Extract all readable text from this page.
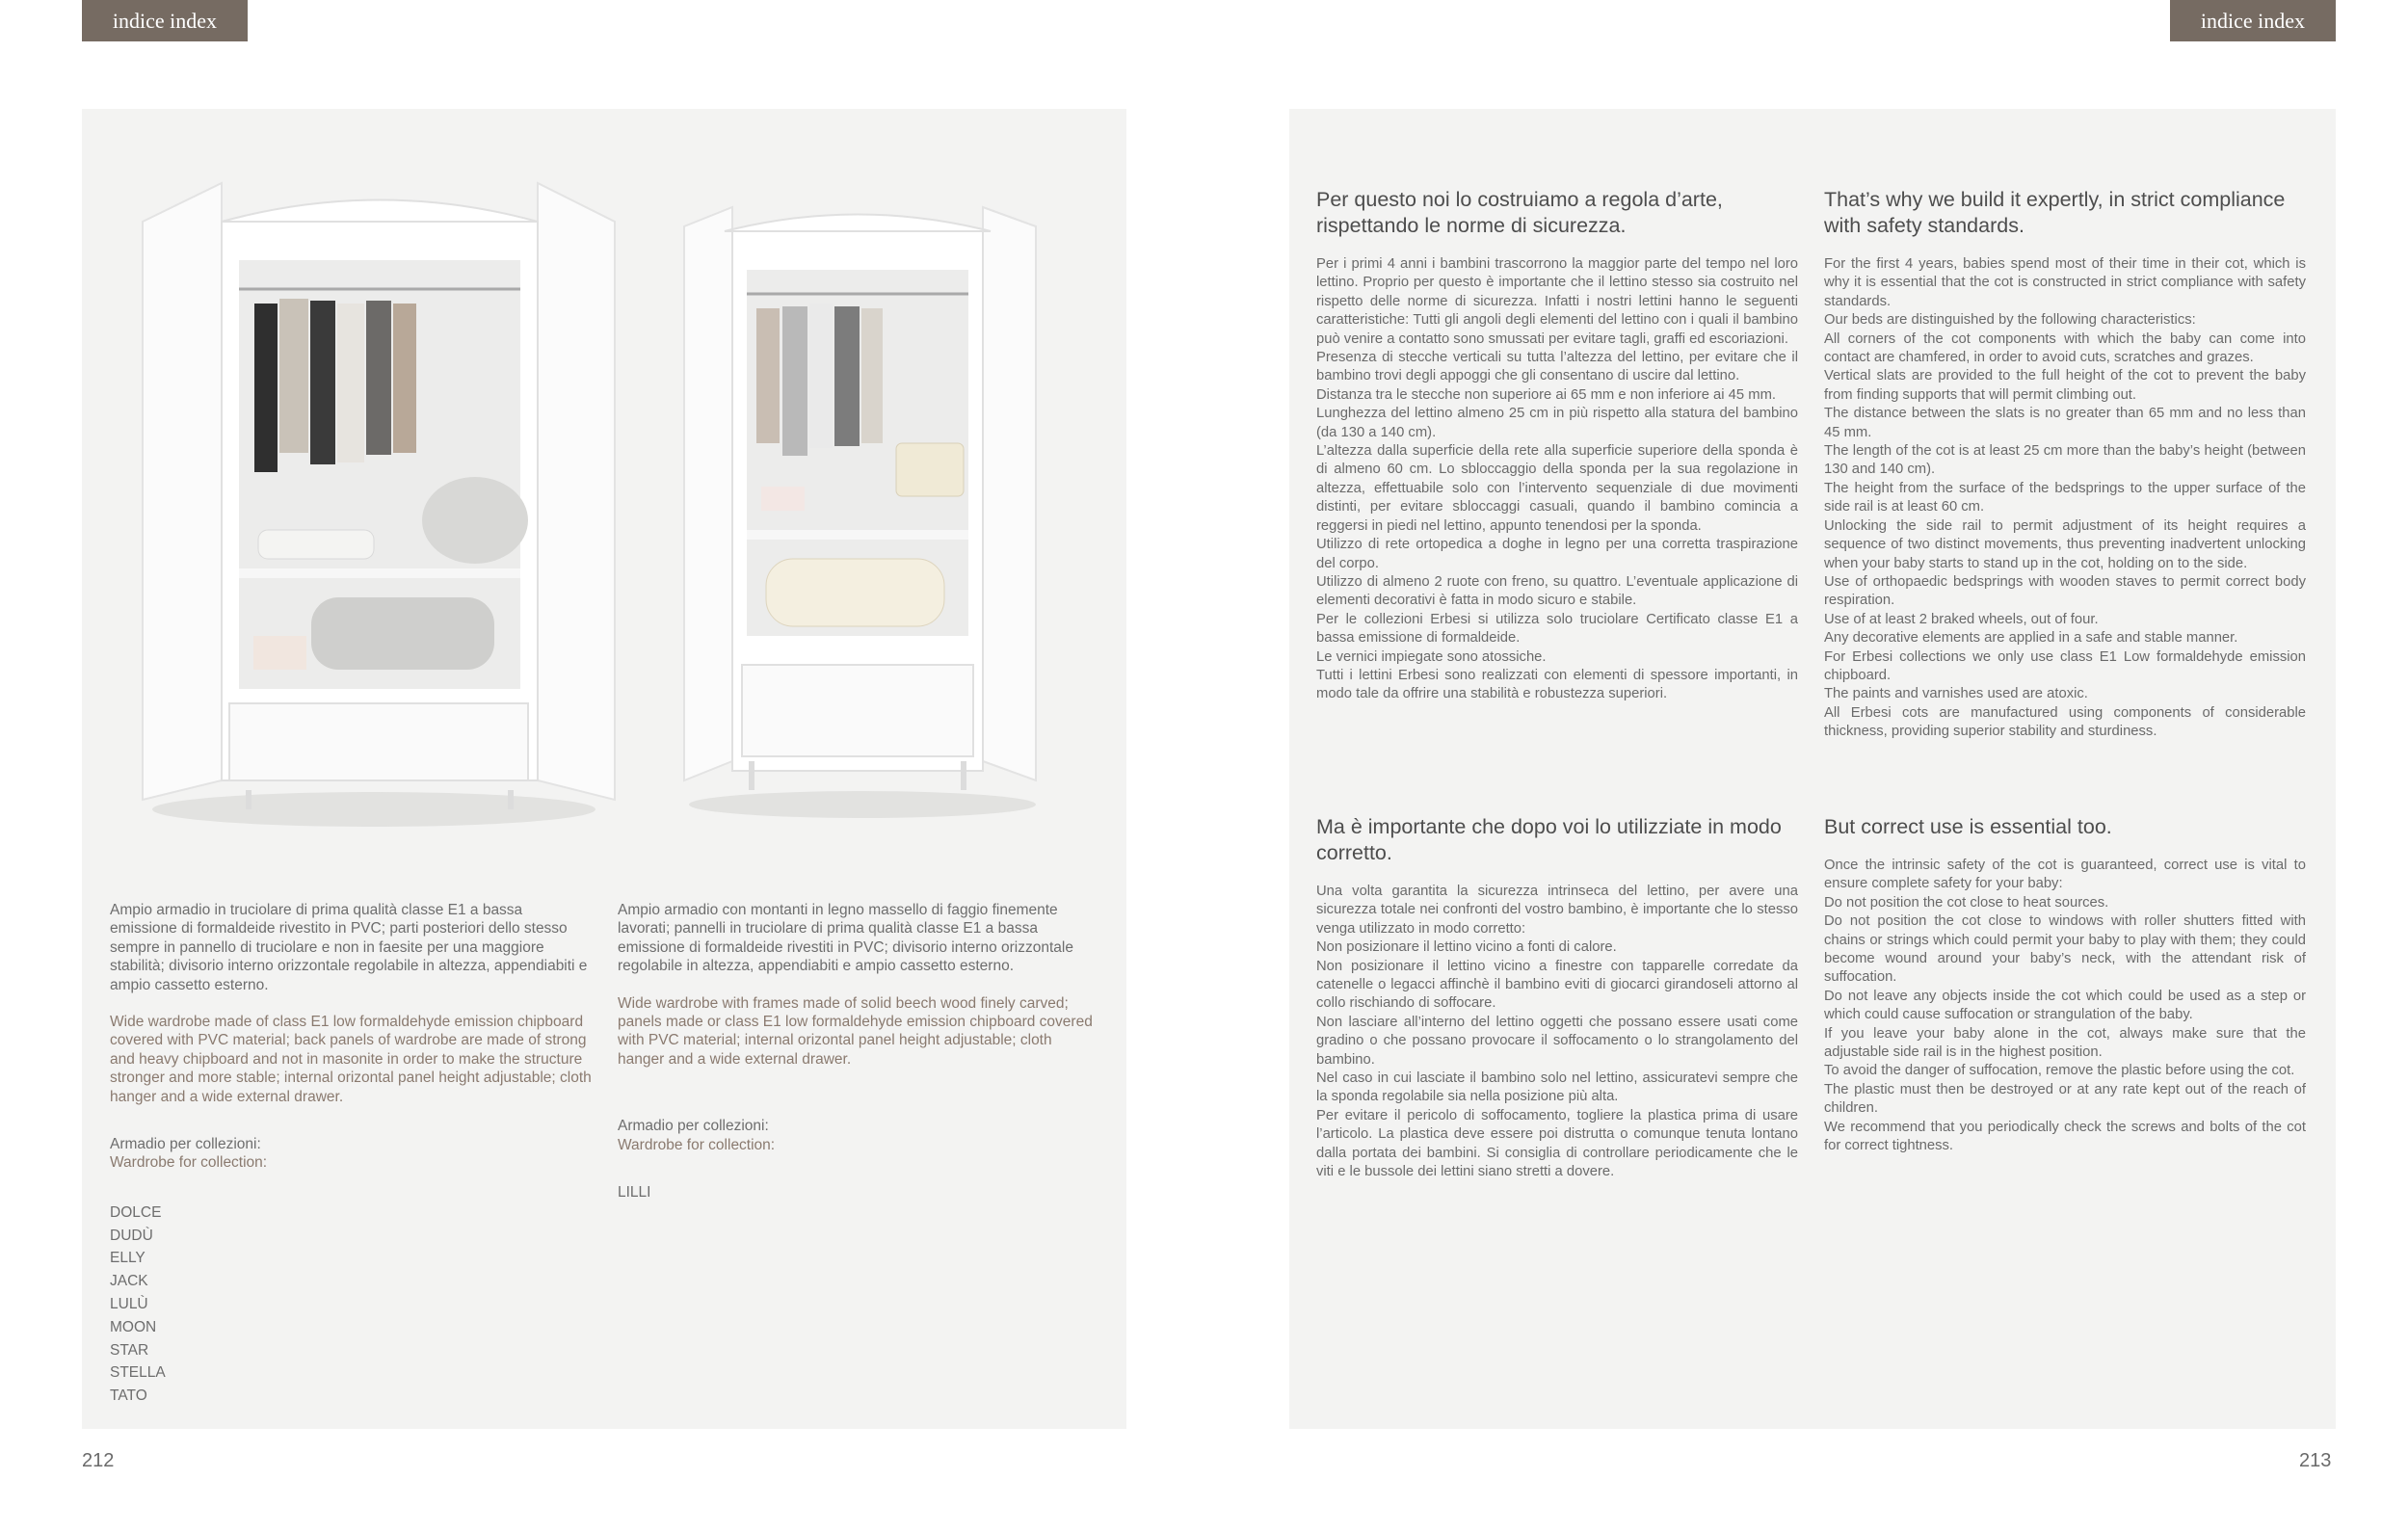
indice index	indice index
Ampio armadio in truciolare di prima qualità classe E1 a bassa emissione di formaldeide rivestito in PVC; parti posteriori dello stesso sempre in pannello di truciolare e non in faesite per una maggiore stabilità; divisorio interno orizzontale regolabile in altezza, appendiabiti e ampio cassetto esterno.
Wide wardrobe made of class E1 low formaldehyde emission chipboard covered with PVC material; back panels of wardrobe are made of strong and heavy chipboard and not in masonite in order to make the structure stronger and more stable; internal orizontal panel height adjustable; cloth hanger and a wide external drawer.
Armadio per collezioni:
Wardrobe for collection:
DOLCE
DUDÙ
ELLY
JACK
LULÙ
MOON
STAR
STELLA
TATO
Ampio armadio con montanti in legno massello di faggio finemente lavorati; pannelli in truciolare di prima qualità classe E1 a bassa emissione di formaldeide rivestiti in PVC; divisorio interno orizzontale regolabile in altezza, appendiabiti e ampio cassetto esterno.
Wide wardrobe with frames made of solid beech wood finely carved; panels made or class E1 low formaldehyde emission chipboard covered with PVC material; internal orizontal panel height adjustable; cloth hanger and a wide external drawer.
Armadio per collezioni:
Wardrobe for collection:
LILLI
Per questo noi lo costruiamo a regola d’arte, rispettando le norme di sicurezza.

Per i primi 4 anni i bambini trascorrono la maggior parte del tempo nel loro lettino. Proprio per questo è importante che il lettino stesso sia costruito nel rispetto delle norme di sicurezza. Infatti i nostri lettini hanno le seguenti caratteristiche: Tutti gli angoli degli elementi del lettino con i quali il bambino può venire a contatto sono smussati per evitare tagli, graffi ed escoriazioni.
Presenza di stecche verticali su tutta l’altezza del lettino, per evitare che il bambino trovi degli appoggi che gli consentano di uscire dal lettino.
Distanza tra le stecche non superiore ai 65 mm e non inferiore ai 45 mm.
Lunghezza del lettino almeno 25 cm in più rispetto alla statura del bambino (da 130 a 140 cm).
L’altezza dalla superficie della rete alla superficie superiore della sponda è di almeno 60 cm. Lo sbloccaggio della sponda per la sua regolazione in altezza, effettuabile solo con l’intervento sequenziale di due movimenti distinti, per evitare sbloccaggi casuali, quando il bambino comincia a reggersi in piedi nel lettino, appunto tenendosi per la sponda.
Utilizzo di rete ortopedica a doghe in legno per una corretta traspirazione del corpo.
Utilizzo di almeno 2 ruote con freno, su quattro. L’eventuale applicazione di elementi decorativi è fatta in modo sicuro e stabile.
Per le collezioni Erbesi si utilizza solo truciolare Certificato classe E1 a bassa emissione di formaldeide.
Le vernici impiegate sono atossiche.
Tutti i lettini Erbesi sono realizzati con elementi di spessore importanti, in modo tale da offrire una stabilità e robustezza superiori.

That’s why we build it expertly, in strict compliance with safety standards.

For the first 4 years, babies spend most of their time in their cot, which is why it is essential that the cot is constructed in strict compliance with safety standards.
Our beds are distinguished by the following characteristics:
All corners of the cot components with which the baby can come into contact are chamfered, in order to avoid cuts, scratches and grazes.
Vertical slats are provided to the full height of the cot to prevent the baby from finding supports that will permit climbing out.
The distance between the slats is no greater than 65 mm and no less than 45 mm.
The length of the cot is at least 25 cm more than the baby’s height (between 130 and 140 cm).
The height from the surface of the bedsprings to the upper surface of the side rail is at least 60 cm.
Unlocking the side rail to permit adjustment of its height requires a sequence of two distinct movements, thus preventing inadvertent unlocking when your baby starts to stand up in the cot, holding on to the side.
Use of orthopaedic bedsprings with wooden staves to permit correct body respiration.
Use of at least 2 braked wheels, out of four.
Any decorative elements are applied in a safe and stable manner.
For Erbesi collections we only use class E1 Low formaldehyde emission chipboard.
The paints and varnishes used are atoxic.
All Erbesi cots are manufactured using components of considerable thickness, providing superior stability and sturdiness.

Ma è importante che dopo voi lo utilizziate in modo corretto.

Una volta garantita la sicurezza intrinseca del lettino, per avere una sicurezza totale nei confronti del vostro bambino, è importante che lo stesso venga utilizzato in modo corretto:
Non posizionare il lettino vicino a fonti di calore.
Non posizionare il lettino vicino a finestre con tapparelle corredate da catenelle o legacci affinchè il bambino eviti di giocarci girandoseli attorno al collo rischiando di soffocare.
Non lasciare all’interno del lettino oggetti che possano essere usati come gradino o che possano provocare il soffocamento o lo strangolamento del bambino.
Nel caso in cui lasciate il bambino solo nel lettino, assicuratevi sempre che la sponda regolabile sia nella posizione più alta.
Per evitare il pericolo di soffocamento, togliere la plastica prima di usare l’articolo. La plastica deve essere poi distrutta o comunque tenuta lontano dalla portata dei bambini. Si consiglia di controllare periodicamente che le viti e le bussole dei lettini siano stretti a dovere.

But correct use is essential too.

Once the intrinsic safety of the cot is guaranteed, correct use is vital to ensure complete safety for your baby:
Do not position the cot close to heat sources.
Do not position the cot close to windows with roller shutters fitted with chains or strings which could permit your baby to play with them; they could become wound around your baby’s neck, with the attendant risk of suffocation.
Do not leave any objects inside the cot which could be used as a step or which could cause suffocation or strangulation of the baby.
If you leave your baby alone in the cot, always make sure that the adjustable side rail is in the highest position.
To avoid the danger of suffocation, remove the plastic before using the cot.
The plastic must then be destroyed or at any rate kept out of the reach of children.
We recommend that you periodically check the screws and bolts of the cot for correct tightness.

212	213
